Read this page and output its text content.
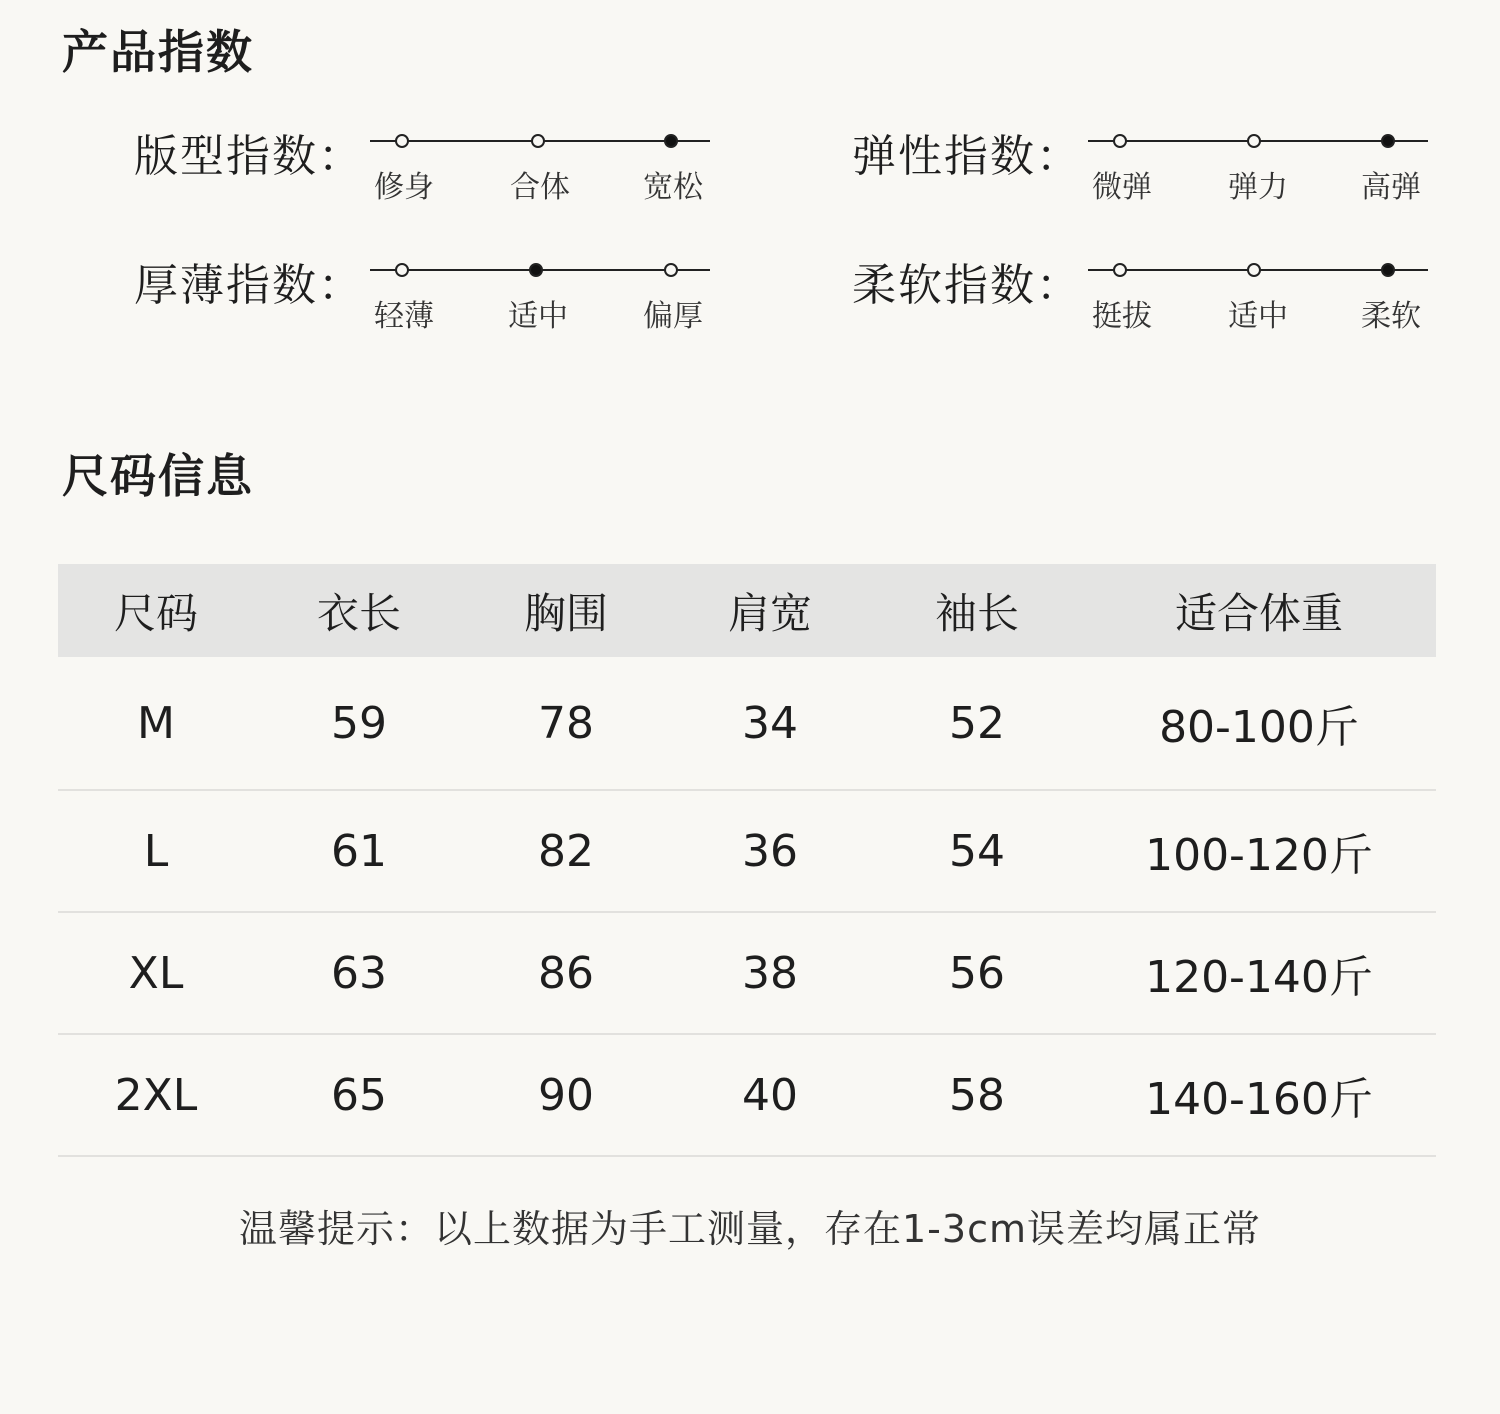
产品指数
版型指数：
修身	合体	宽松
弹性指数：
微弹	弹力	高弹
厚薄指数：
轻薄	适中	偏厚
柔软指数：
挺拔	适中	柔软
尺码信息
尺码	衣长	胸围	肩宽	袖长	适合体重
M	59	78	34	52	80-100斤
L	61	82	36	54	100-120斤
XL	63	86	38	56	120-140斤
2XL	65	90	40	58	140-160斤
温馨提示：以上数据为手工测量，存在1-3cm误差均属正常
